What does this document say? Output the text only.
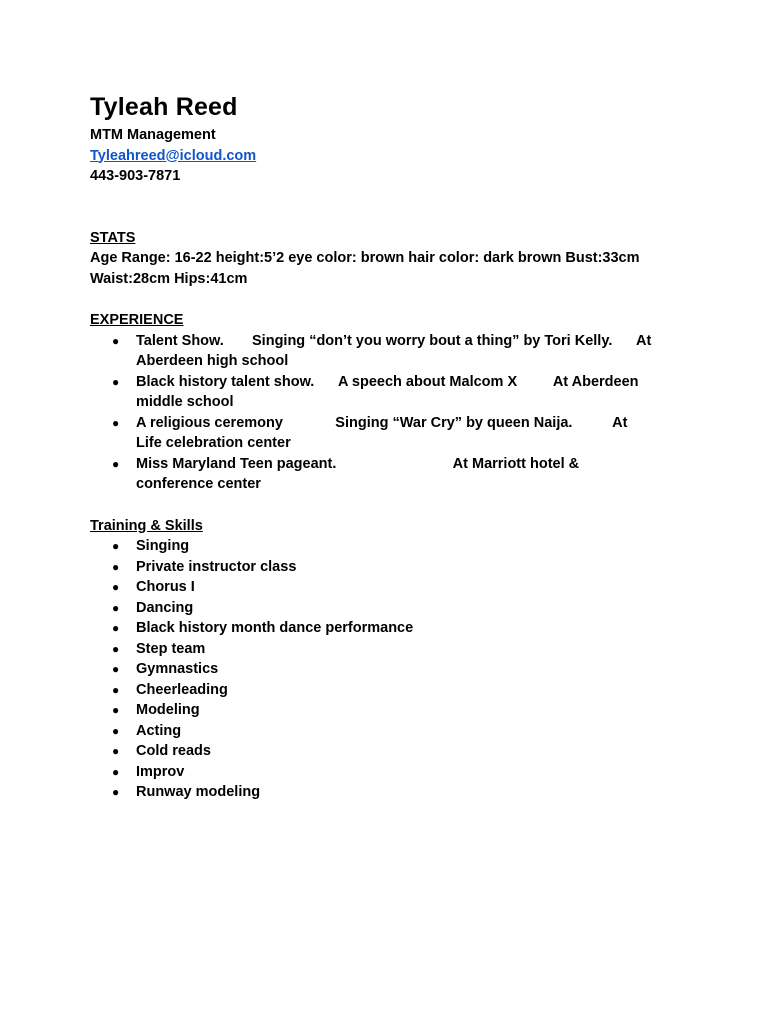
Tyleah Reed
MTM Management
Tyleahreed@icloud.com
443-903-7871
STATS
Age Range: 16-22 height:5’2 eye color: brown hair color: dark brown Bust:33cm
Waist:28cm Hips:41cm
EXPERIENCE
● Talent Show.       Singing “don’t you worry bout a thing” by Tori Kelly.      At
Aberdeen high school
● Black history talent show.      A speech about Malcom X         At Aberdeen
middle school
● A religious ceremony             Singing “War Cry” by queen Naija.          At
Life celebration center
● Miss Maryland Teen pageant.                             At Marriott hotel &
conference center
Training & Skills
● Singing
● Private instructor class
● Chorus I
● Dancing
● Black history month dance performance
● Step team
● Gymnastics
● Cheerleading
● Modeling
● Acting
● Cold reads
● Improv
● Runway modeling
